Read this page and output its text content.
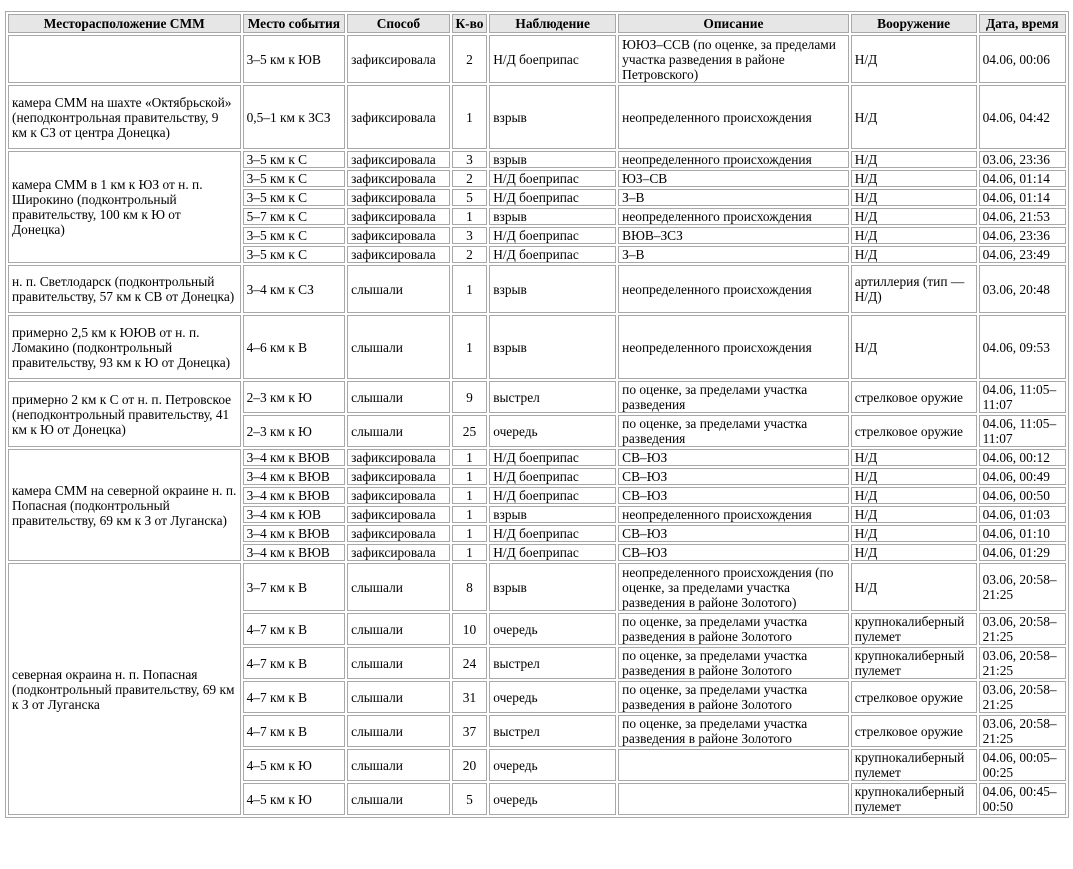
Месторасположение СММ	Место события	Способ	К-во	Наблюдение	Описание	Вооружение	Дата, время
	3–5 км к ЮВ	зафиксировала	2	Н/Д боеприпас	ЮЮЗ–ССВ (по оценке, за пределами участка разведения в районе Петровского)	Н/Д	04.06, 00:06
камера СММ на шахте «Октябрьской» (неподконтрольная правительству, 9 км к СЗ от центра Донецка)	0,5–1 км к ЗСЗ	зафиксировала	1	взрыв	неопределенного происхождения	Н/Д	04.06, 04:42
камера СММ в 1 км к ЮЗ от н. п. Широкино (подконтрольный правительству, 100 км к Ю от Донецка)	3–5 км к С	зафиксировала	3	взрыв	неопределенного происхождения	Н/Д	03.06, 23:36
	3–5 км к С	зафиксировала	2	Н/Д боеприпас	ЮЗ–СВ	Н/Д	04.06, 01:14
	3–5 км к С	зафиксировала	5	Н/Д боеприпас	З–В	Н/Д	04.06, 01:14
	5–7 км к С	зафиксировала	1	взрыв	неопределенного происхождения	Н/Д	04.06, 21:53
	3–5 км к С	зафиксировала	3	Н/Д боеприпас	ВЮВ–ЗСЗ	Н/Д	04.06, 23:36
	3–5 км к С	зафиксировала	2	Н/Д боеприпас	З–В	Н/Д	04.06, 23:49
н. п. Светлодарск (подконтрольный правительству, 57 км к СВ от Донецка)	3–4 км к СЗ	слышали	1	взрыв	неопределенного происхождения	артиллерия (тип — Н/Д)	03.06, 20:48
примерно 2,5 км к ЮЮВ от н. п. Ломакино (подконтрольный правительству, 93 км к Ю от Донецка)	4–6 км к В	слышали	1	взрыв	неопределенного происхождения	Н/Д	04.06, 09:53
примерно 2 км к С от н. п. Петровское (неподконтрольный правительству, 41 км к Ю от Донецка)	2–3 км к Ю	слышали	9	выстрел	по оценке, за пределами участка разведения	стрелковое оружие	04.06, 11:05–11:07
	2–3 км к Ю	слышали	25	очередь	по оценке, за пределами участка разведения	стрелковое оружие	04.06, 11:05–11:07
камера СММ на северной окраине н. п. Попасная (подконтрольный правительству, 69 км к З от Луганска)	3–4 км к ВЮВ	зафиксировала	1	Н/Д боеприпас	СВ–ЮЗ	Н/Д	04.06, 00:12
	3–4 км к ВЮВ	зафиксировала	1	Н/Д боеприпас	СВ–ЮЗ	Н/Д	04.06, 00:49
	3–4 км к ВЮВ	зафиксировала	1	Н/Д боеприпас	СВ–ЮЗ	Н/Д	04.06, 00:50
	3–4 км к ЮВ	зафиксировала	1	взрыв	неопределенного происхождения	Н/Д	04.06, 01:03
	3–4 км к ВЮВ	зафиксировала	1	Н/Д боеприпас	СВ–ЮЗ	Н/Д	04.06, 01:10
	3–4 км к ВЮВ	зафиксировала	1	Н/Д боеприпас	СВ–ЮЗ	Н/Д	04.06, 01:29
северная окраина н. п. Попасная (подконтрольный правительству, 69 км к З от Луганска	3–7 км к В	слышали	8	взрыв	неопределенного происхождения (по оценке, за пределами участка разведения в районе Золотого)	Н/Д	03.06, 20:58–21:25
	4–7 км к В	слышали	10	очередь	по оценке, за пределами участка разведения в районе Золотого	крупнокалиберный пулемет	03.06, 20:58–21:25
	4–7 км к В	слышали	24	выстрел	по оценке, за пределами участка разведения в районе Золотого	крупнокалиберный пулемет	03.06, 20:58–21:25
	4–7 км к В	слышали	31	очередь	по оценке, за пределами участка разведения в районе Золотого	стрелковое оружие	03.06, 20:58–21:25
	4–7 км к В	слышали	37	выстрел	по оценке, за пределами участка разведения в районе Золотого	стрелковое оружие	03.06, 20:58–21:25
	4–5 км к Ю	слышали	20	очередь		крупнокалиберный пулемет	04.06, 00:05–00:25
	4–5 км к Ю	слышали	5	очередь		крупнокалиберный пулемет	04.06, 00:45–00:50
